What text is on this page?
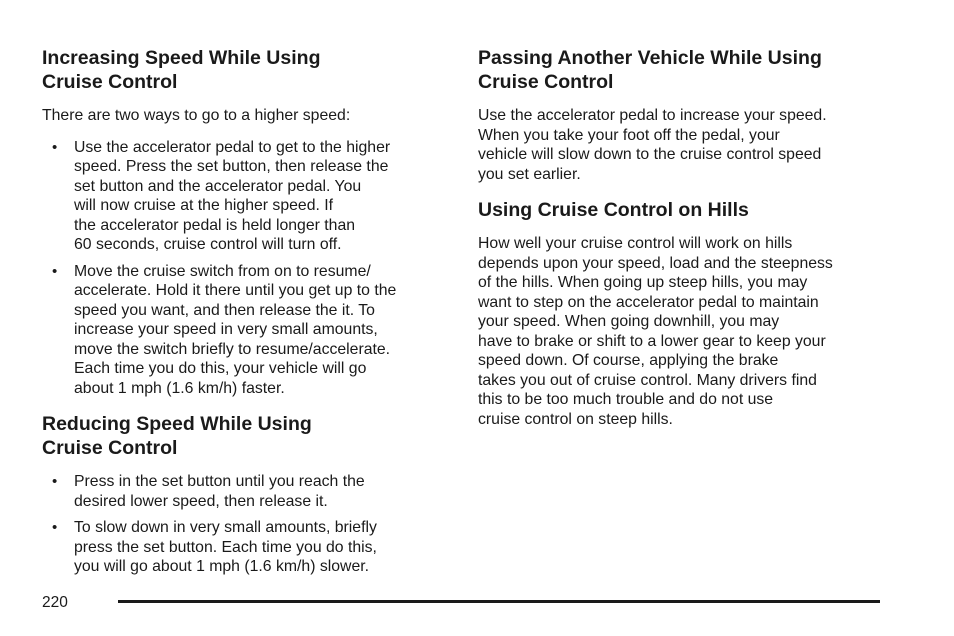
Increasing Speed While Using
Cruise Control

There are two ways to go to a higher speed:

• Use the accelerator pedal to get to the higher
speed. Press the set button, then release the
set button and the accelerator pedal. You
will now cruise at the higher speed. If
the accelerator pedal is held longer than
60 seconds, cruise control will turn off.
• Move the cruise switch from on to resume/
accelerate. Hold it there until you get up to the
speed you want, and then release the it. To
increase your speed in very small amounts,
move the switch briefly to resume/accelerate.
Each time you do this, your vehicle will go
about 1 mph (1.6 km/h) faster.
Reducing Speed While Using
Cruise Control
• Press in the set button until you reach the
desired lower speed, then release it.
• To slow down in very small amounts, briefly
press the set button. Each time you do this,
you will go about 1 mph (1.6 km/h) slower.
Passing Another Vehicle While Using
Cruise Control

Use the accelerator pedal to increase your speed.
When you take your foot off the pedal, your
vehicle will slow down to the cruise control speed
you set earlier.

Using Cruise Control on Hills

How well your cruise control will work on hills
depends upon your speed, load and the steepness
of the hills. When going up steep hills, you may
want to step on the accelerator pedal to maintain
your speed. When going downhill, you may
have to brake or shift to a lower gear to keep your
speed down. Of course, applying the brake
takes you out of cruise control. Many drivers find
this to be too much trouble and do not use
cruise control on steep hills.

220
